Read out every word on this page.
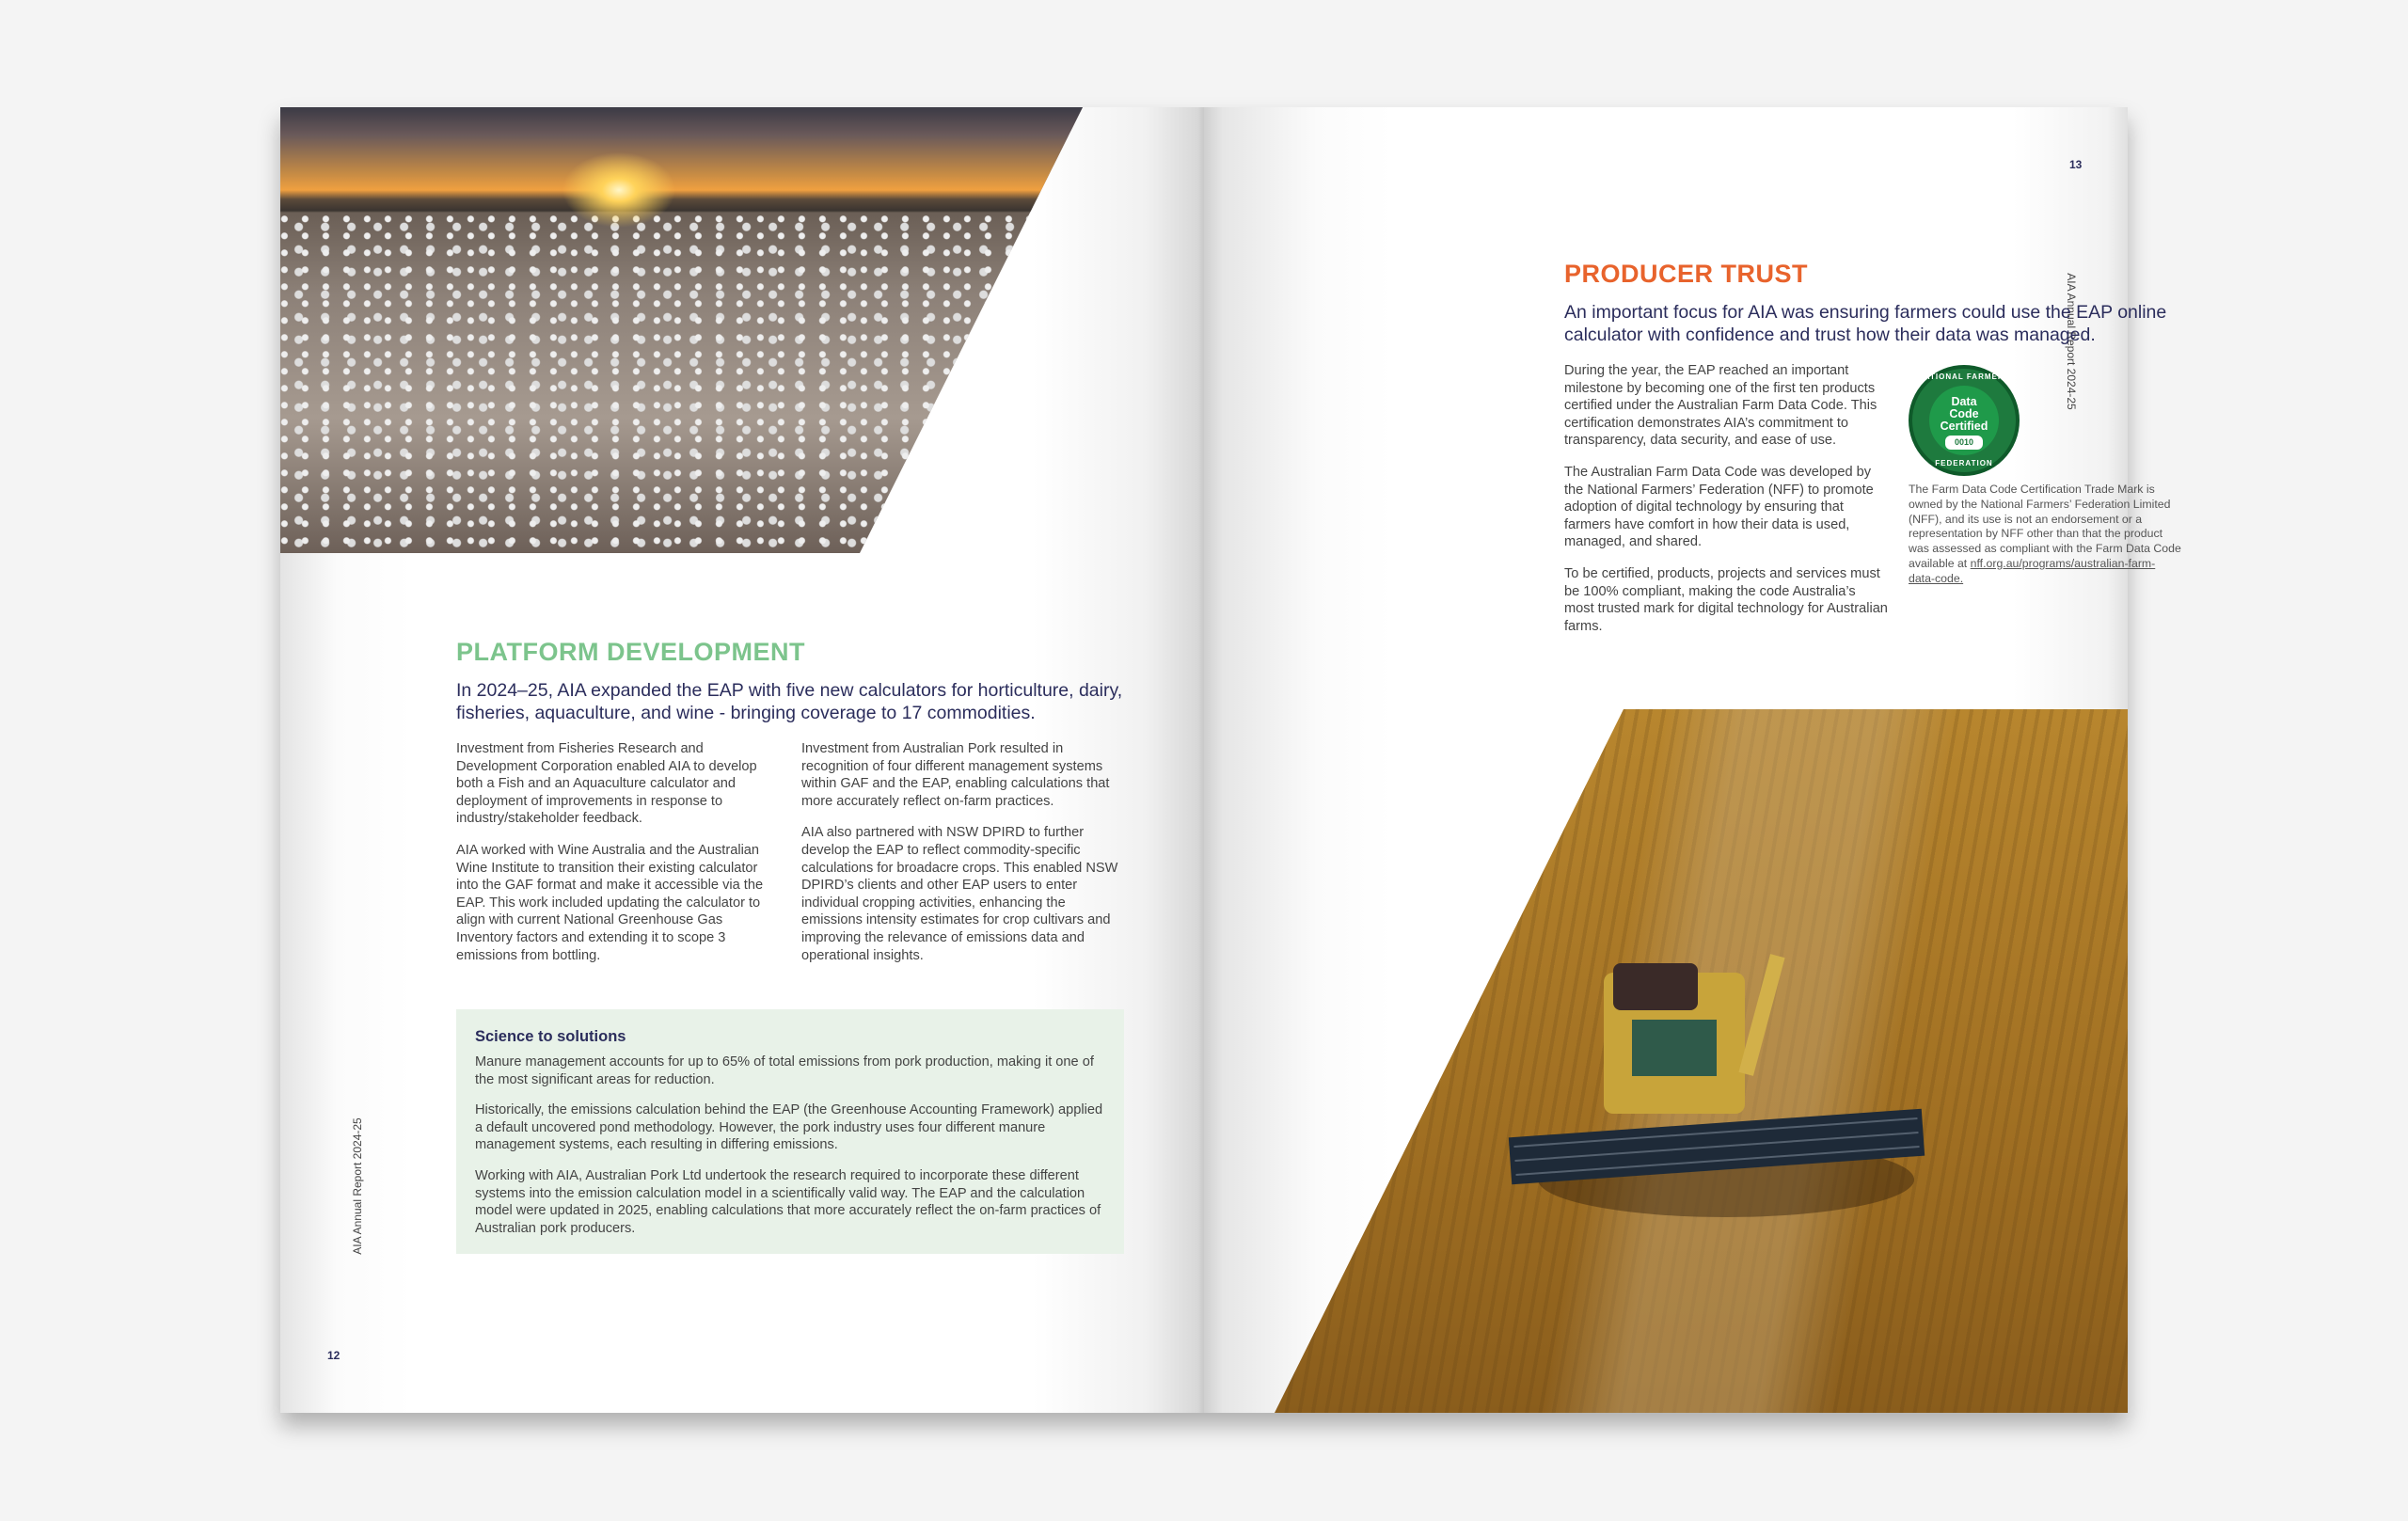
PLATFORM DEVELOPMENT
In 2024–25, AIA expanded the EAP with five new calculators for horticulture, dairy, fisheries, aquaculture, and wine - bringing coverage to 17 commodities.

Investment from Fisheries Research and Development Corporation enabled AIA to develop both a Fish and an Aquaculture calculator and deployment of improvements in response to industry/stakeholder feedback.

AIA worked with Wine Australia and the Australian Wine Institute to transition their existing calculator into the GAF format and make it accessible via the EAP. This work included updating the calculator to align with current National Greenhouse Gas Inventory factors and extending it to scope 3 emissions from bottling.

Investment from Australian Pork resulted in recognition of four different management systems within GAF and the EAP, enabling calculations that more accurately reflect on-farm practices.

AIA also partnered with NSW DPIRD to further develop the EAP to reflect commodity-specific calculations for broadacre crops. This enabled NSW DPIRD’s clients and other EAP users to enter individual cropping activities, enhancing the emissions intensity estimates for crop cultivars and improving the relevance of emissions data and operational insights.

Science to solutions

Manure management accounts for up to 65% of total emissions from pork production, making it one of the most significant areas for reduction.

Historically, the emissions calculation behind the EAP (the Greenhouse Accounting Framework) applied a default uncovered pond methodology. However, the pork industry uses four different manure management systems, each resulting in differing emissions.

Working with AIA, Australian Pork Ltd undertook the research required to incorporate these different systems into the emission calculation model in a scientifically valid way. The EAP and the calculation model were updated in 2025, enabling calculations that more accurately reflect the on-farm practices of Australian pork producers.

AIA Annual Report 2024-25
12
13
AIA Annual Report 2024-25
PRODUCER TRUST
An important focus for AIA was ensuring farmers could use the EAP online calculator with confidence and trust how their data was managed.

During the year, the EAP reached an important milestone by becoming one of the first ten products certified under the Australian Farm Data Code. This certification demonstrates AIA’s commitment to transparency, data security, and ease of use.

The Australian Farm Data Code was developed by the National Farmers’ Federation (NFF) to promote adoption of digital technology by ensuring that farmers have comfort in how their data is used, managed, and shared.

To be certified, products, projects and services must be 100% compliant, making the code Australia’s most trusted mark for digital technology for Australian farms.

NATIONAL FARMERS
Data
Code
Certified
0010
FEDERATION
The Farm Data Code Certification Trade Mark is owned by the National Farmers’ Federation Limited (NFF), and its use is not an endorsement or a representation by NFF other than that the product was assessed as compliant with the Farm Data Code available at nff.org.au/programs/australian-farm-data-code.
